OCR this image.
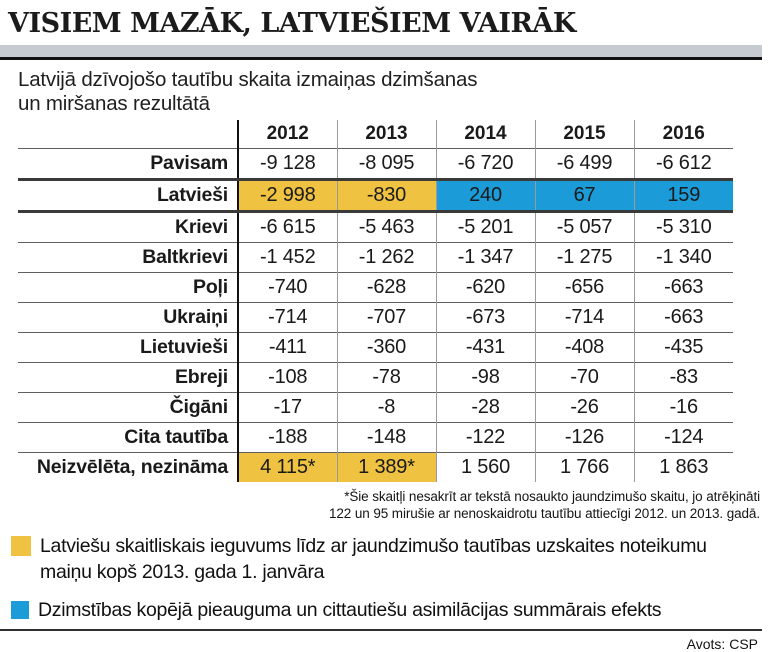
VISIEM MAZĀK, LATVIEŠIEM VAIRĀK
Latvijā dzīvojošo tautību skaita izmaiņas dzimšanas
un miršanas rezultātā
	2012	2013	2014	2015	2016
Pavisam	-9 128	-8 095	-6 720	-6 499	-6 612
Latvieši	-2 998	-830	240	67	159
Krievi	-6 615	-5 463	-5 201	-5 057	-5 310
Baltkrievi	-1 452	-1 262	-1 347	-1 275	-1 340
Poļi	-740	-628	-620	-656	-663
Ukraiņi	-714	-707	-673	-714	-663
Lietuvieši	-411	-360	-431	-408	-435
Ebreji	-108	-78	-98	-70	-83
Čigāni	-17	-8	-28	-26	-16
Cita tautība	-188	-148	-122	-126	-124
Neizvēlēta, nezināma	4 115*	1 389*	1 560	1 766	1 863
*Šie skaitļi nesakrīt ar tekstā nosaukto jaundzimušo skaitu, jo atrēķināti
122 un 95 mirušie ar nenoskaidrotu tautību attiecīgi 2012. un 2013. gadā.
Latviešu skaitliskais ieguvums līdz ar jaundzimušo tautības uzskaites noteikumu maiņu kopš 2013. gada 1. janvāra
Dzimstības kopējā pieauguma un cittautiešu asimilācijas summārais efekts
Avots: CSP
